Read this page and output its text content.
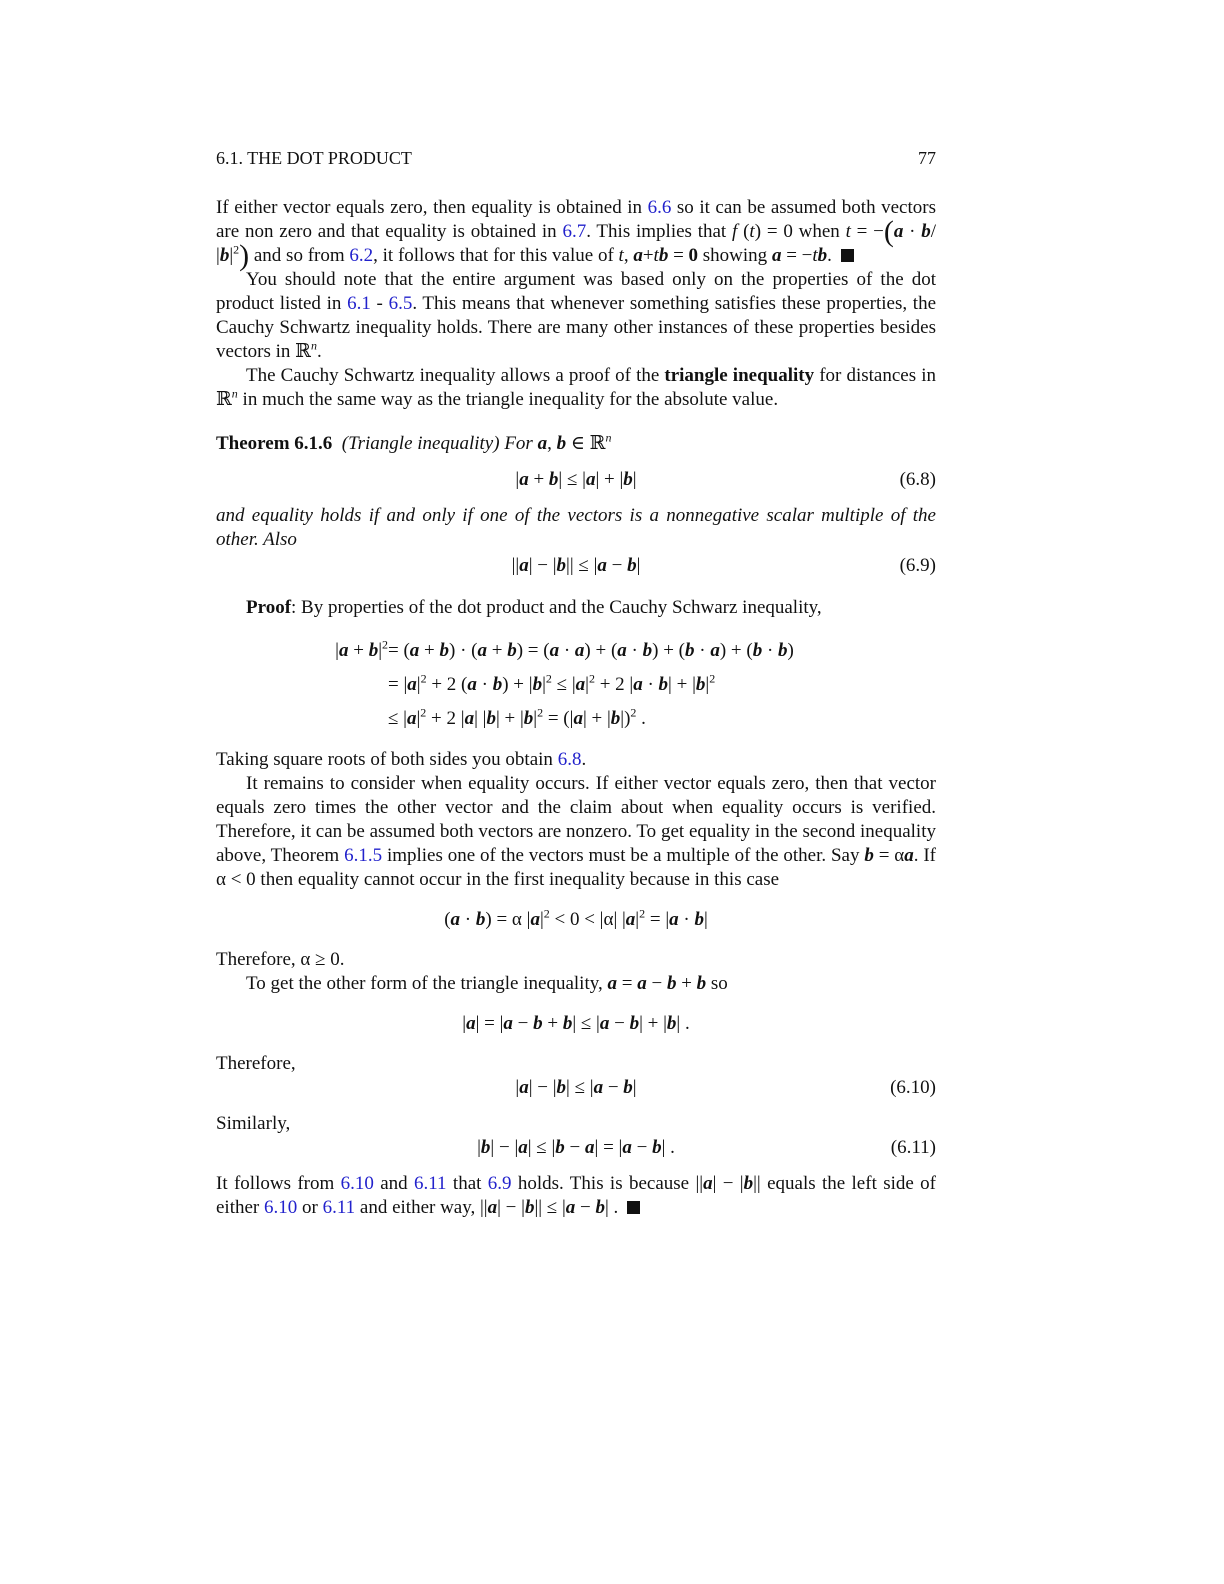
6.1. THE DOT PRODUCT	77

If either vector equals zero, then equality is obtained in 6.6 so it can be assumed both vectors are non zero and that equality is obtained in 6.7. This implies that f (t) = 0 when t = −(a · b/ $|b|^2$) and so from 6.2, it follows that for this value of t, a+tb = 0 showing a = −tb.

You should note that the entire argument was based only on the properties of the dot product listed in 6.1 - 6.5. This means that whenever something satisfies these properties, the Cauchy Schwartz inequality holds. There are many other instances of these properties besides vectors in ℝ$^n$.

The Cauchy Schwartz inequality allows a proof of the triangle inequality for distances in ℝ$^n$ in much the same way as the triangle inequality for the absolute value.

Theorem 6.1.6 (Triangle inequality) For a, b ∈ ℝ$^n$

|a + b| ≤ |a| + |b|	(6.8)

and equality holds if and only if one of the vectors is a nonnegative scalar multiple of the other. Also

||a| − |b|| ≤ |a − b|	(6.9)

Proof: By properties of the dot product and the Cauchy Schwarz inequality,

$|a + b|^2 = (a + b) \cdot (a + b) = (a \cdot a) + (a \cdot b) + (b \cdot a) + (b \cdot b)$
= $|a|^2 + 2$ $(a \cdot b) + |b|^2 \le |a|^2 + 2$ $|a \cdot b| + |b|^2$
≤ $|a|^2 + 2$ |a| $|b| + |b|^2 = (|a| + |b|)^2$ .

Taking square roots of both sides you obtain 6.8.

It remains to consider when equality occurs. If either vector equals zero, then that vector equals zero times the other vector and the claim about when equality occurs is verified. Therefore, it can be assumed both vectors are nonzero. To get equality in the second inequality above, Theorem 6.1.5 implies one of the vectors must be a multiple of the other. Say b = αa. If α < 0 then equality cannot occur in the first inequality because in this case

(a · b) = α $|a|^2 < 0 < |\alpha|$ $|a|^2 = |a \cdot b|$

Therefore, α ≥ 0.

To get the other form of the triangle inequality, a = a − b + b so

|a| = |a − b + b| ≤ |a − b| + |b| .

Therefore,

|a| − |b| ≤ |a − b|	(6.10)

Similarly,

|b| − |a| ≤ |b − a| = |a − b| .	(6.11)

It follows from 6.10 and 6.11 that 6.9 holds. This is because ||a| − |b|| equals the left side of either 6.10 or 6.11 and either way, ||a| − |b|| ≤ |a − b| .
